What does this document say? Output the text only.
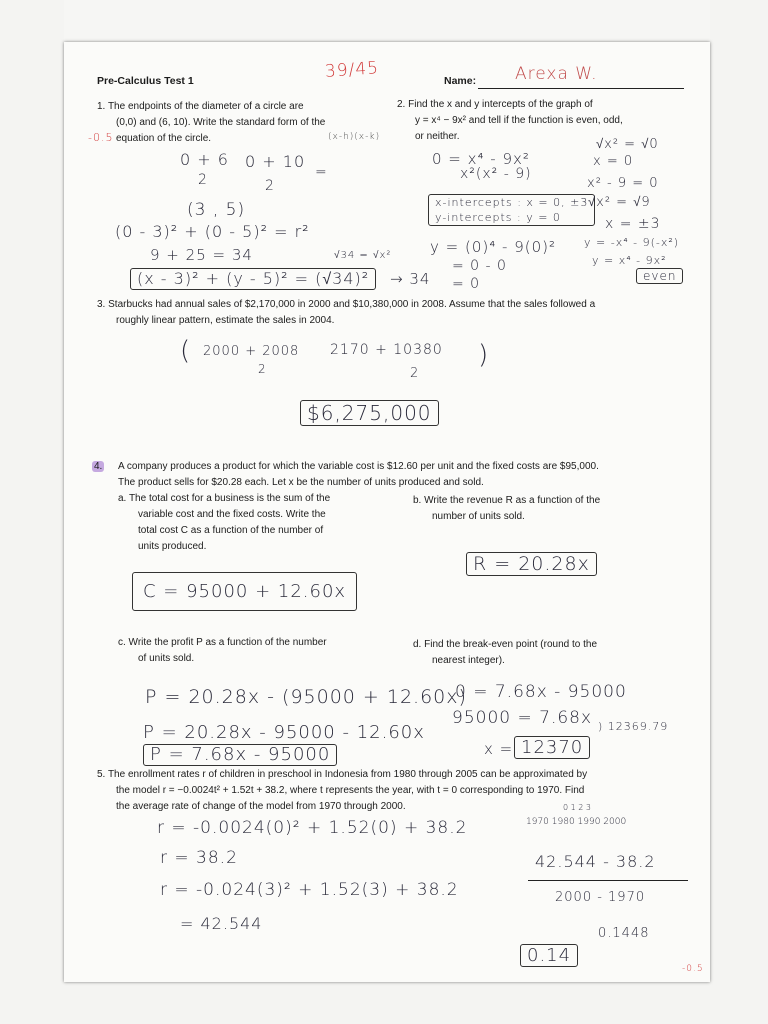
Pre-Calculus Test 1	39/45	Name: Arexa W.
1. The endpoints of the diameter of a circle are
(0,0) and (6, 10). Write the standard form of the
equation of the circle.
-0.5	(x-h)(x-k)
0 + 6
2
0 + 10
2
=
(3 , 5)
(0 - 3)² + (0 - 5)² = r²
9 + 25 = 34	√34 = √x²
(x - 3)² + (y - 5)² = (√34)²	→ 34
2. Find the x and y intercepts of the graph of
y = x⁴ − 9x² and tell if the function is even, odd,
or neither.
0 = x⁴ - 9x²
x²(x² - 9)
x-intercepts : x = 0, ±3
y-intercepts : y = 0
√x² = √0
x = 0
x² - 9 = 0
√x² = √9
x = ±3
y = (0)⁴ - 9(0)²
= 0 - 0
= 0
y = -x⁴ - 9(-x²)
y = x⁴ - 9x²
even
3. Starbucks had annual sales of $2,170,000 in 2000 and $10,380,000 in 2008. Assume that the sales followed a
roughly linear pattern, estimate the sales in 2004.
( 2000 + 2008
2
2170 + 10380
2
)
$6,275,000
4. A company produces a product for which the variable cost is $12.60 per unit and the fixed costs are $95,000.
The product sells for $20.28 each. Let x be the number of units produced and sold.
a. The total cost for a business is the sum of the
variable cost and the fixed costs. Write the
total cost C as a function of the number of
units produced.
b. Write the revenue R as a function of the
number of units sold.
C = 95000 + 12.60x
R = 20.28x
c. Write the profit P as a function of the number
of units sold.
d. Find the break-even point (round to the
nearest integer).
P = 20.28x - (95000 + 12.60x)
P = 20.28x - 95000 - 12.60x
P = 7.68x - 95000
0 = 7.68x - 95000
95000 = 7.68x ) 12369.79
x = 12370
5. The enrollment rates r of children in preschool in Indonesia from 1980 through 2005 can be approximated by
the model r = −0.0024t² + 1.52t + 38.2, where t represents the year, with t = 0 corresponding to 1970. Find
the average rate of change of the model from 1970 through 2000.
r = -0.0024(0)² + 1.52(0) + 38.2
r = 38.2
r = -0.024(3)² + 1.52(3) + 38.2
= 42.544
0 1 2 3
1970 1980 1990 2000
42.544 - 38.2
2000 - 1970
0.1448
0.14
-0.5
